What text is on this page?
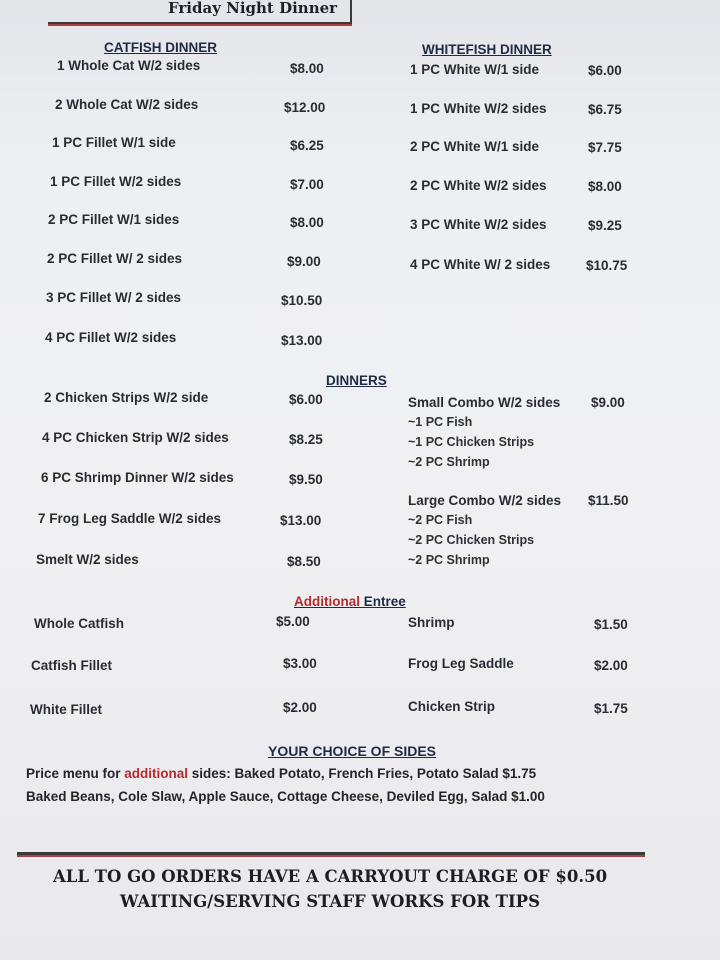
Friday Night Dinner
CATFISH DINNER
1 Whole Cat W/2 sides	$8.00
2 Whole Cat W/2 sides	$12.00
1 PC Fillet W/1 side	$6.25
1 PC Fillet W/2 sides	$7.00
2 PC Fillet W/1 sides	$8.00
2 PC Fillet W/ 2 sides	$9.00
3 PC Fillet W/ 2 sides	$10.50
4 PC Fillet W/2 sides	$13.00
WHITEFISH DINNER
1 PC White W/1 side	$6.00
1 PC White W/2 sides	$6.75
2 PC White W/1 side	$7.75
2 PC White W/2 sides	$8.00
3 PC White W/2 sides	$9.25
4 PC White W/ 2 sides	$10.75
DINNERS
2 Chicken Strips W/2 side	$6.00
4 PC Chicken Strip W/2 sides	$8.25
6 PC Shrimp Dinner W/2 sides	$9.50
7 Frog Leg Saddle W/2 sides	$13.00
Smelt W/2 sides	$8.50
Small Combo W/2 sides $9.00
~1 PC Fish
~1 PC Chicken Strips
~2 PC Shrimp
Large Combo W/2 sides $11.50
~2 PC Fish
~2 PC Chicken Strips
~2 PC Shrimp
Additional Entree
Whole Catfish	$5.00
Catfish Fillet	$3.00
White Fillet	$2.00
Shrimp	$1.50
Frog Leg Saddle	$2.00
Chicken Strip	$1.75
YOUR CHOICE OF SIDES
Price menu for additional sides: Baked Potato, French Fries, Potato Salad $1.75
Baked Beans, Cole Slaw, Apple Sauce, Cottage Cheese, Deviled Egg, Salad $1.00
ALL TO GO ORDERS HAVE A CARRYOUT CHARGE OF $0.50
WAITING/SERVING STAFF WORKS FOR TIPS
